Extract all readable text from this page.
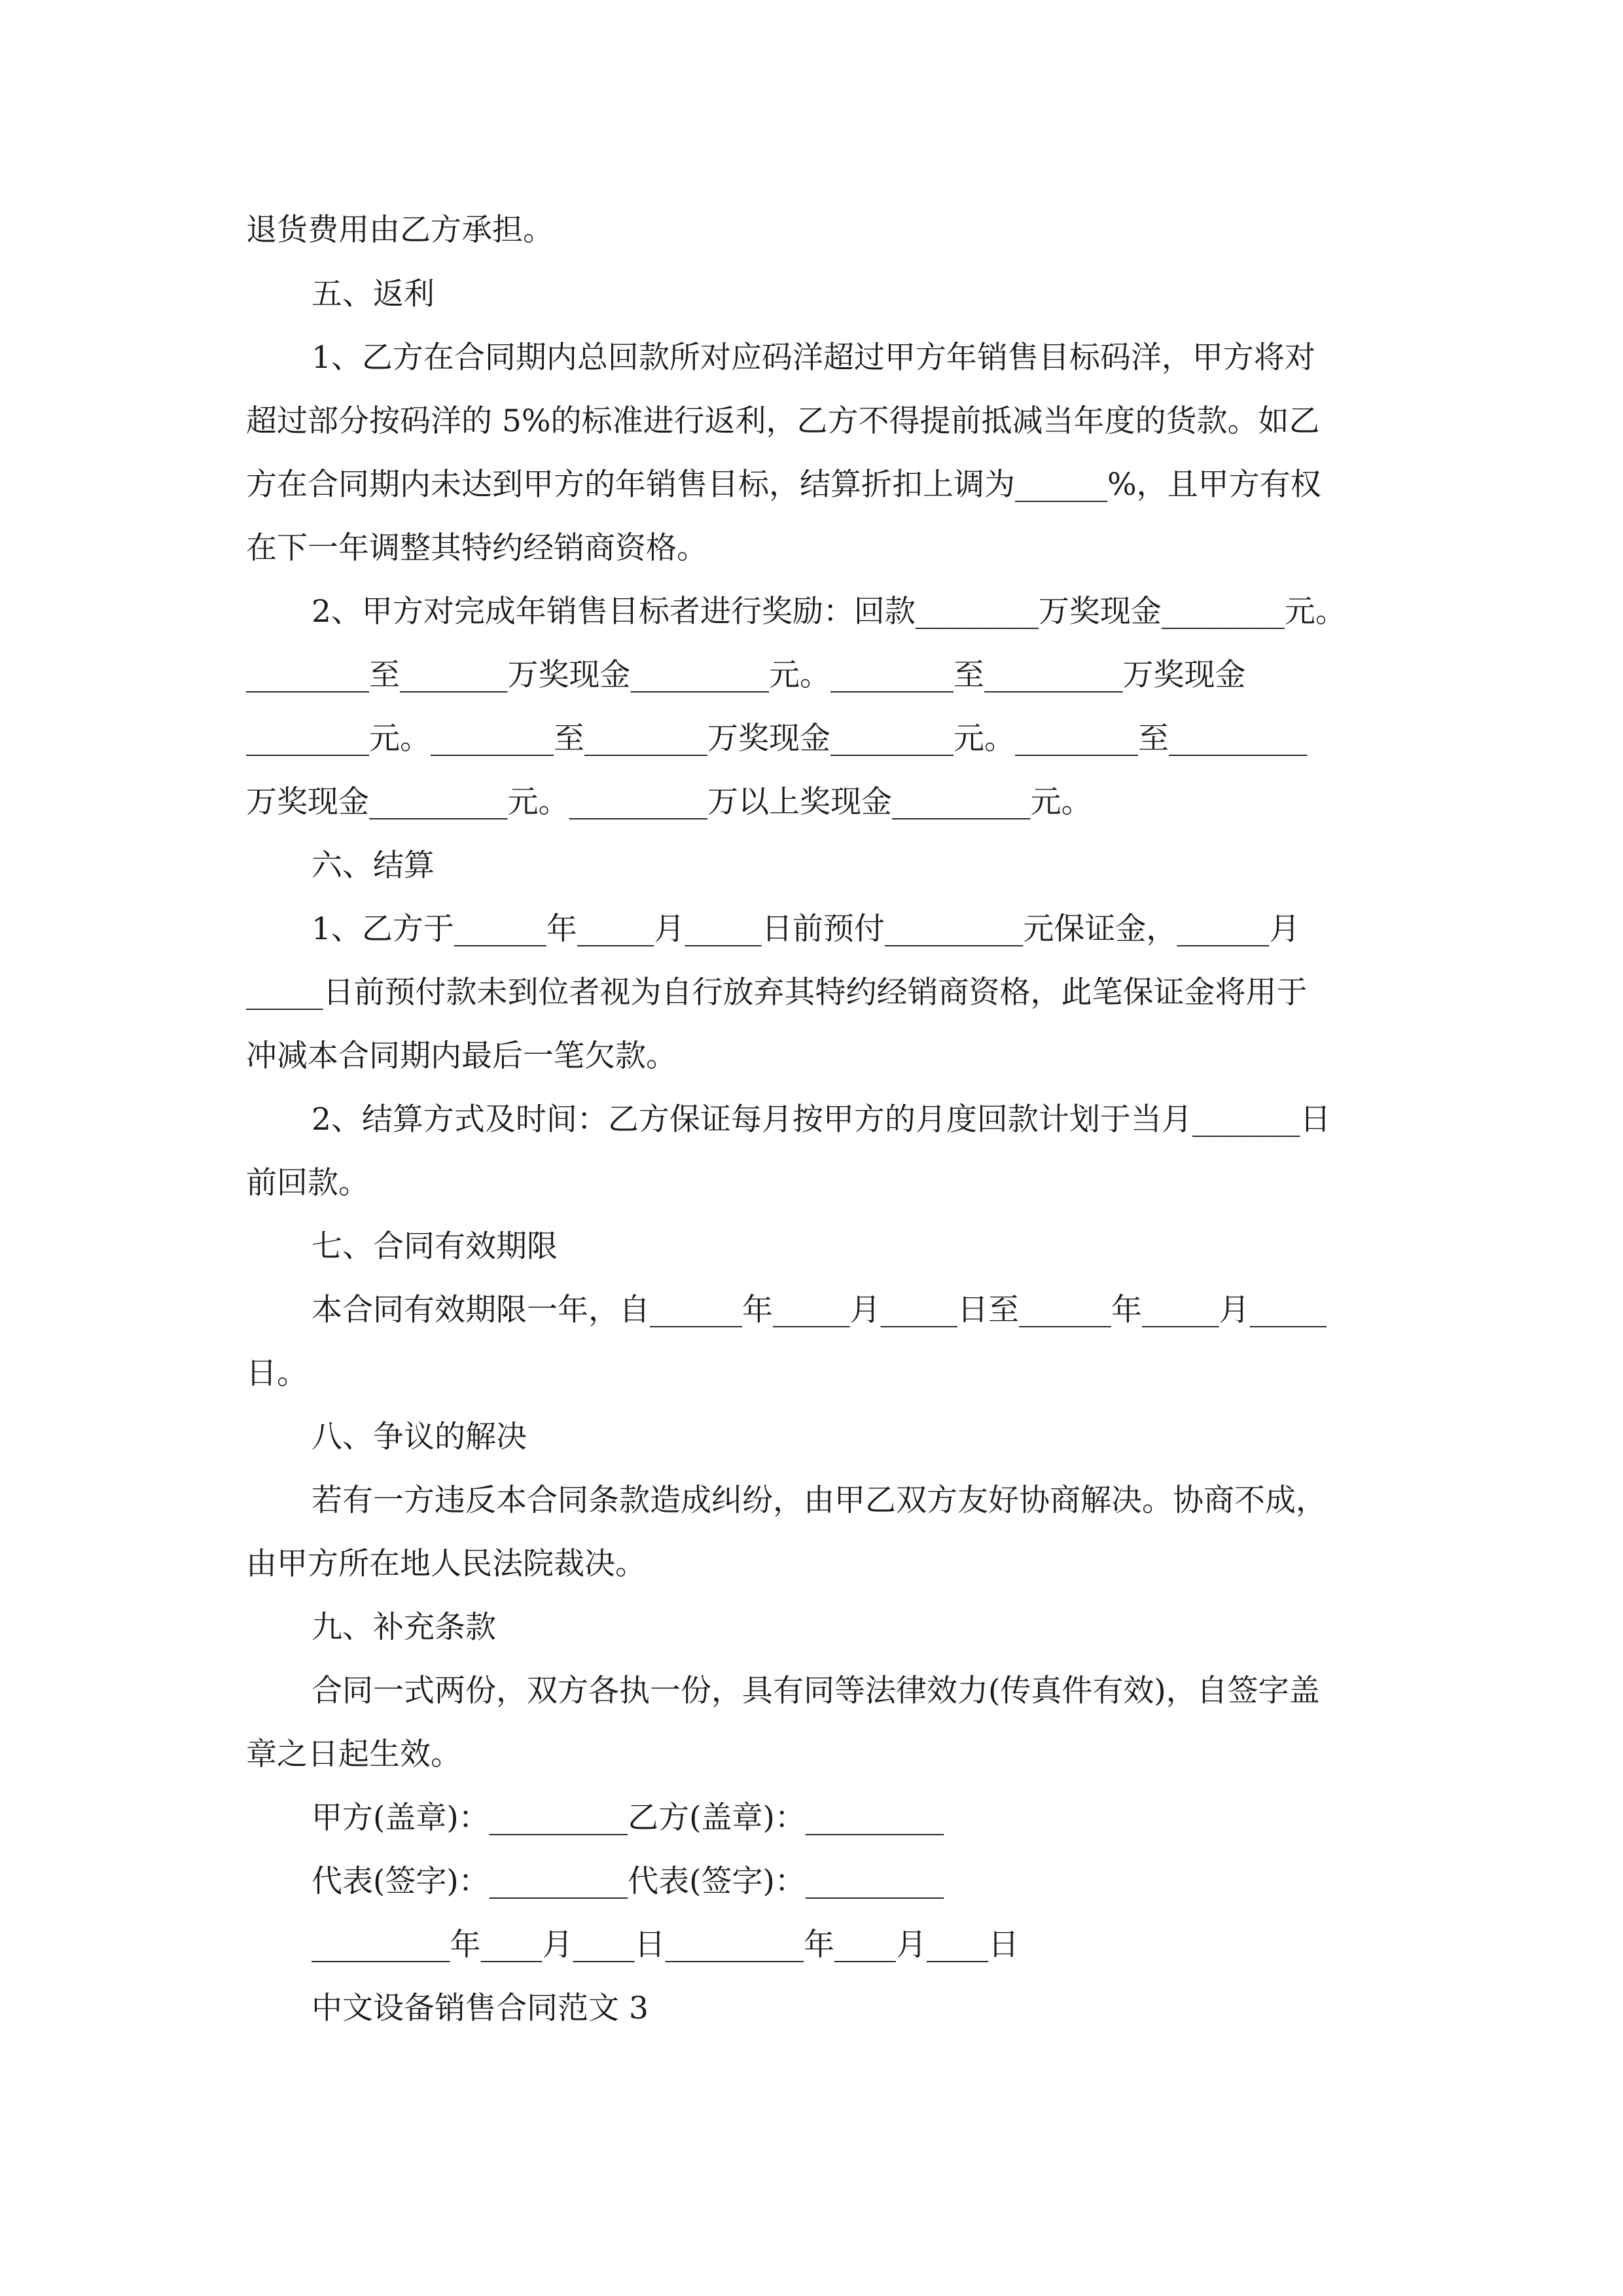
退货费用由乙方承担。
五、返利
1、乙方在合同期内总回款所对应码洋超过甲方年销售目标码洋，甲方将对
超过部分按码洋的 5%的标准进行返利，乙方不得提前抵减当年度的货款。如乙
方在合同期内未达到甲方的年销售目标，结算折扣上调为______%，且甲方有权
在下一年调整其特约经销商资格。
2、甲方对完成年销售目标者进行奖励：回款________万奖现金________元。
________至_______万奖现金_________元。________至_________万奖现金
________元。________至________万奖现金________元。________至_________
万奖现金_________元。_________万以上奖现金_________元。
六、结算
1、乙方于______年_____月_____日前预付_________元保证金，______月
_____日前预付款未到位者视为自行放弃其特约经销商资格，此笔保证金将用于
冲减本合同期内最后一笔欠款。
2、结算方式及时间：乙方保证每月按甲方的月度回款计划于当月_______日
前回款。
七、合同有效期限
本合同有效期限一年，自______年_____月_____日至______年_____月_____
日。
八、争议的解决
若有一方违反本合同条款造成纠纷，由甲乙双方友好协商解决。协商不成，
由甲方所在地人民法院裁决。
九、补充条款
合同一式两份，双方各执一份，具有同等法律效力(传真件有效)，自签字盖
章之日起生效。
甲方(盖章)：_________乙方(盖章)：_________
代表(签字)：_________代表(签字)：_________
_________年____月____日_________年____月____日
中文设备销售合同范文 3
